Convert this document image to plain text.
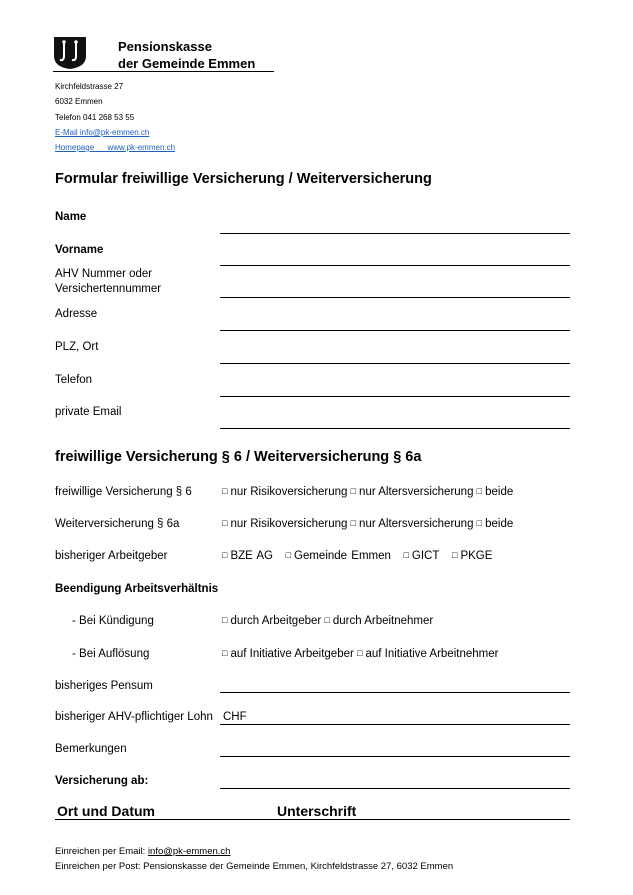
Pensionskasse
der Gemeinde Emmen
Kirchfeldstrasse 27
6032 Emmen
Telefon 041 268 53 55
E-Mail info@pk-emmen.ch
Homepage www.pk-emmen.ch
Formular freiwillige Versicherung / Weiterversicherung
Name
Vorname
AHV Nummer oder
Versichertennummer
Adresse
PLZ, Ort
Telefon
private Email
freiwillige Versicherung § 6 / Weiterversicherung § 6a
freiwillige Versicherung § 6	□ nur Risikoversicherung □ nur Altersversicherung □ beide
Weiterversicherung § 6a	□ nur Risikoversicherung □ nur Altersversicherung □ beide
bisheriger Arbeitgeber	□ BZE AG □ Gemeinde Emmen □ GICT □ PKGE
Beendigung Arbeitsverhältnis
- Bei Kündigung	□ durch Arbeitgeber □ durch Arbeitnehmer
- Bei Auflösung	□ auf Initiative Arbeitgeber □ auf Initiative Arbeitnehmer
bisheriges Pensum
bisheriger AHV-pflichtiger Lohn CHF
Bemerkungen
Versicherung ab:
Ort und Datum	Unterschrift
Einreichen per Email: info@pk-emmen.ch
Einreichen per Post: Pensionskasse der Gemeinde Emmen, Kirchfeldstrasse 27, 6032 Emmen
